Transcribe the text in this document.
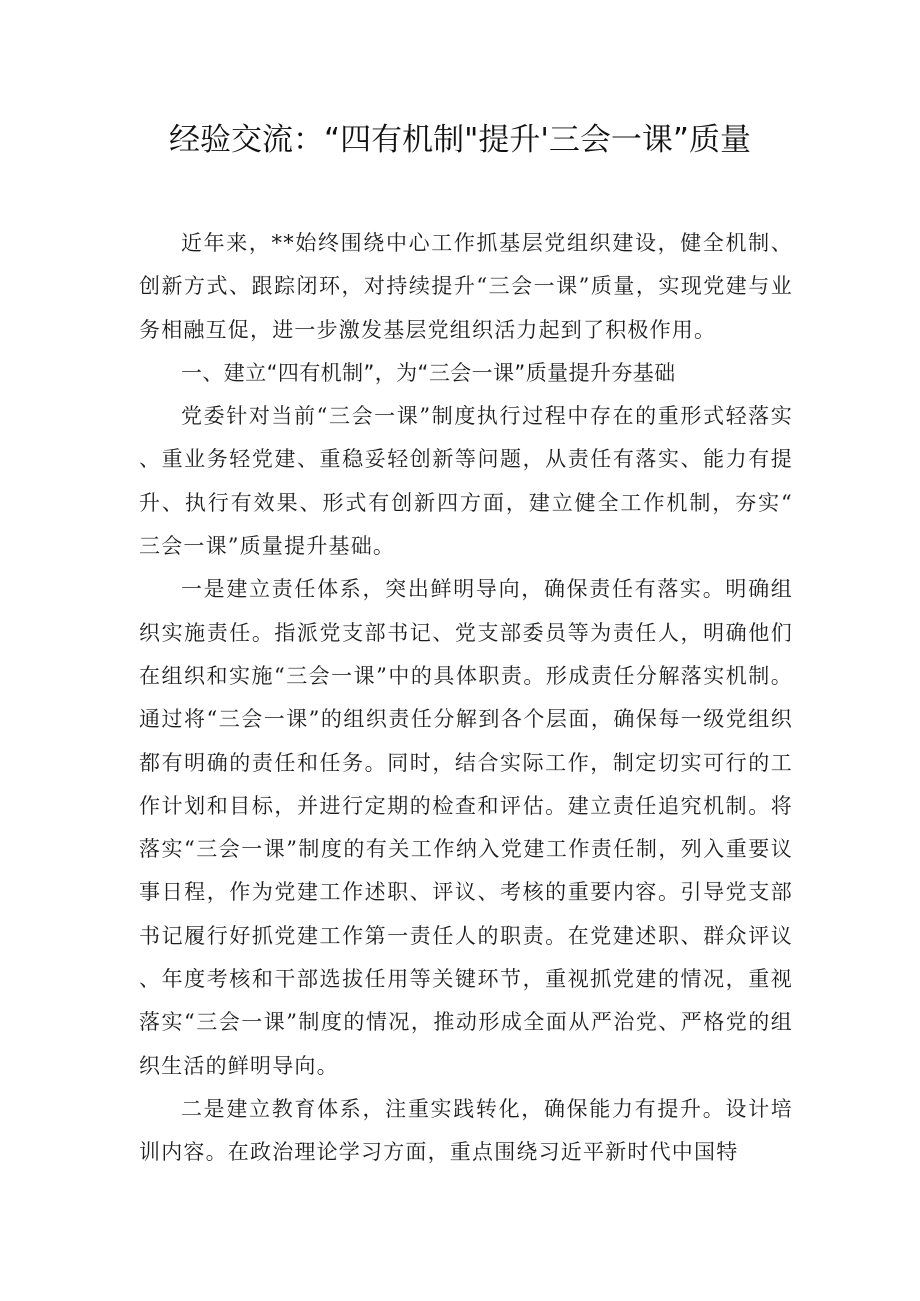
经验交流：“四有机制"提升'三会一课”质量

近年来，**始终围绕中心工作抓基层党组织建设，健全机制、创新方式、跟踪闭环，对持续提升“三会一课”质量，实现党建与业务相融互促，进一步激发基层党组织活力起到了积极作用。

一、建立“四有机制”，为“三会一课”质量提升夯基础

党委针对当前“三会一课”制度执行过程中存在的重形式轻落实、重业务轻党建、重稳妥轻创新等问题，从责任有落实、能力有提升、执行有效果、形式有创新四方面，建立健全工作机制，夯实“三会一课”质量提升基础。

一是建立责任体系，突出鲜明导向，确保责任有落实。明确组织实施责任。指派党支部书记、党支部委员等为责任人，明确他们在组织和实施“三会一课”中的具体职责。形成责任分解落实机制。通过将“三会一课”的组织责任分解到各个层面，确保每一级党组织都有明确的责任和任务。同时，结合实际工作，制定切实可行的工作计划和目标，并进行定期的检查和评估。建立责任追究机制。将落实“三会一课”制度的有关工作纳入党建工作责任制，列入重要议事日程，作为党建工作述职、评议、考核的重要内容。引导党支部书记履行好抓党建工作第一责任人的职责。在党建述职、群众评议、年度考核和干部选拔任用等关键环节，重视抓党建的情况，重视落实“三会一课”制度的情况，推动形成全面从严治党、严格党的组织生活的鲜明导向。

二是建立教育体系，注重实践转化，确保能力有提升。设计培训内容。在政治理论学习方面，重点围绕习近平新时代中国特
